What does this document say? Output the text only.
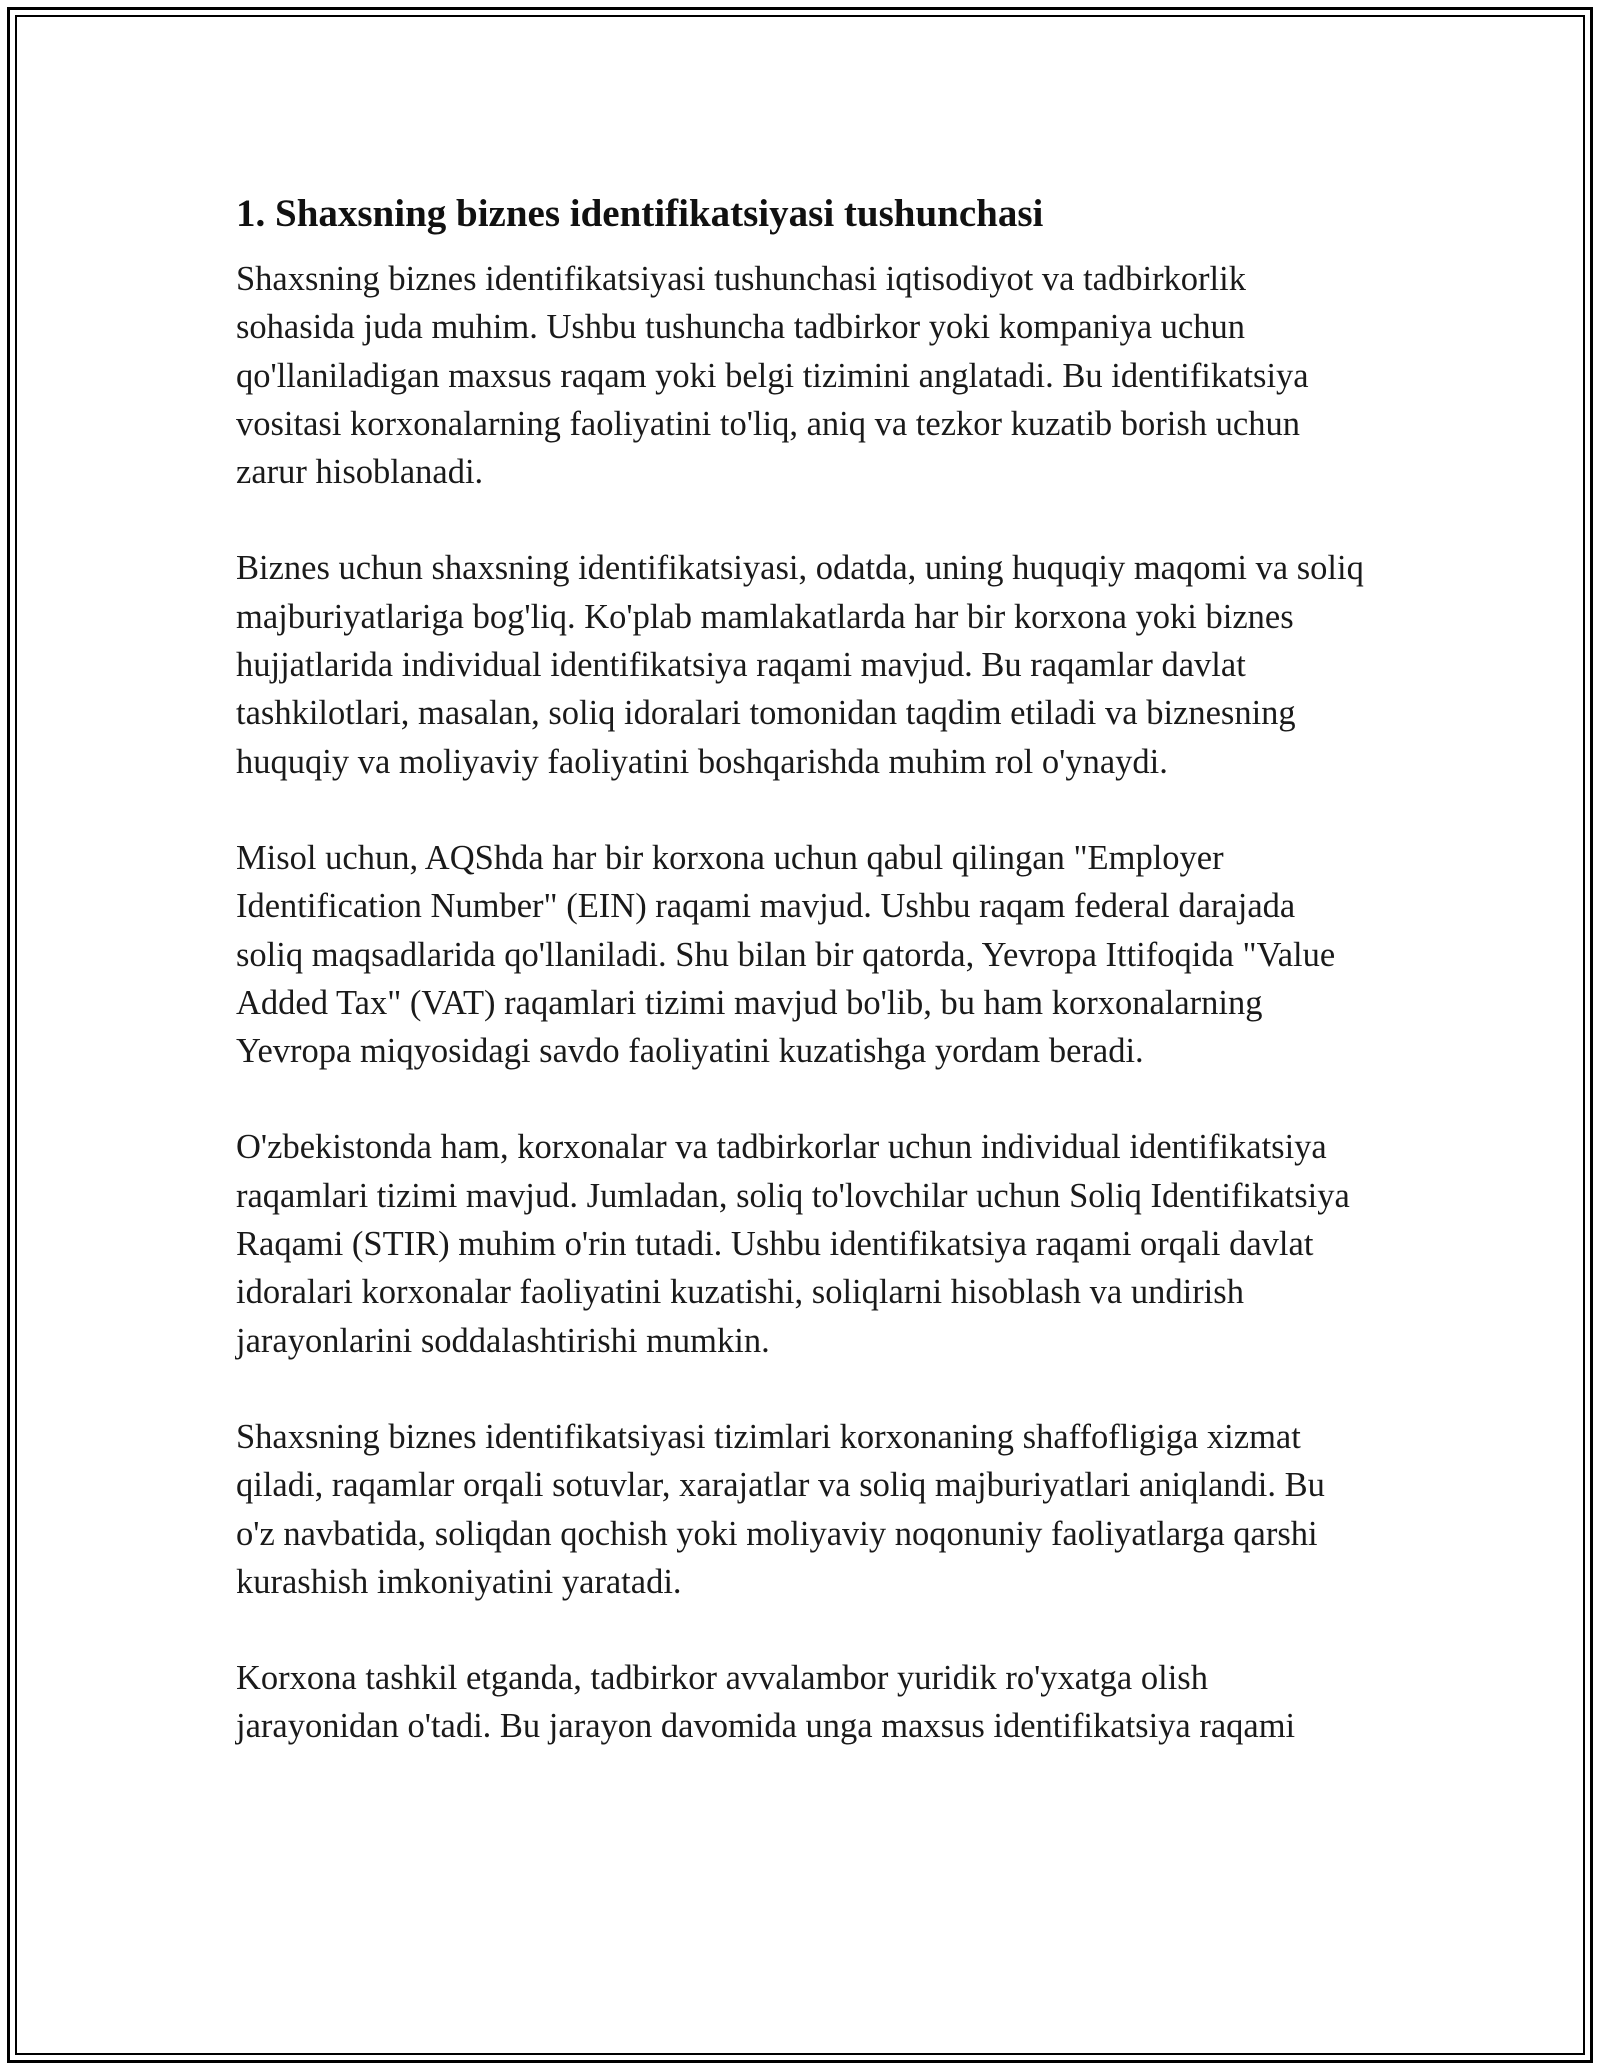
1. Shaxsning biznes identifikatsiyasi tushunchasi

Shaxsning biznes identifikatsiyasi tushunchasi iqtisodiyot va tadbirkorlik sohasida juda muhim. Ushbu tushuncha tadbirkor yoki kompaniya uchun qo'llaniladigan maxsus raqam yoki belgi tizimini anglatadi. Bu identifikatsiya vositasi korxonalarning faoliyatini to'liq, aniq va tezkor kuzatib borish uchun zarur hisoblanadi.

Biznes uchun shaxsning identifikatsiyasi, odatda, uning huquqiy maqomi va soliq majburiyatlariga bog'liq. Ko'plab mamlakatlarda har bir korxona yoki biznes hujjatlarida individual identifikatsiya raqami mavjud. Bu raqamlar davlat tashkilotlari, masalan, soliq idoralari tomonidan taqdim etiladi va biznesning huquqiy va moliyaviy faoliyatini boshqarishda muhim rol o'ynaydi.

Misol uchun, AQShda har bir korxona uchun qabul qilingan "Employer Identification Number" (EIN) raqami mavjud. Ushbu raqam federal darajada soliq maqsadlarida qo'llaniladi. Shu bilan bir qatorda, Yevropa Ittifoqida "Value Added Tax" (VAT) raqamlari tizimi mavjud bo'lib, bu ham korxonalarning Yevropa miqyosidagi savdo faoliyatini kuzatishga yordam beradi.

O'zbekistonda ham, korxonalar va tadbirkorlar uchun individual identifikatsiya raqamlari tizimi mavjud. Jumladan, soliq to'lovchilar uchun Soliq Identifikatsiya Raqami (STIR) muhim o'rin tutadi. Ushbu identifikatsiya raqami orqali davlat idoralari korxonalar faoliyatini kuzatishi, soliqlarni hisoblash va undirish jarayonlarini soddalashtirishi mumkin.

Shaxsning biznes identifikatsiyasi tizimlari korxonaning shaffofligiga xizmat qiladi, raqamlar orqali sotuvlar, xarajatlar va soliq majburiyatlari aniqlandi. Bu o'z navbatida, soliqdan qochish yoki moliyaviy noqonuniy faoliyatlarga qarshi kurashish imkoniyatini yaratadi.

Korxona tashkil etganda, tadbirkor avvalambor yuridik ro'yxatga olish jarayonidan o'tadi. Bu jarayon davomida unga maxsus identifikatsiya raqami
